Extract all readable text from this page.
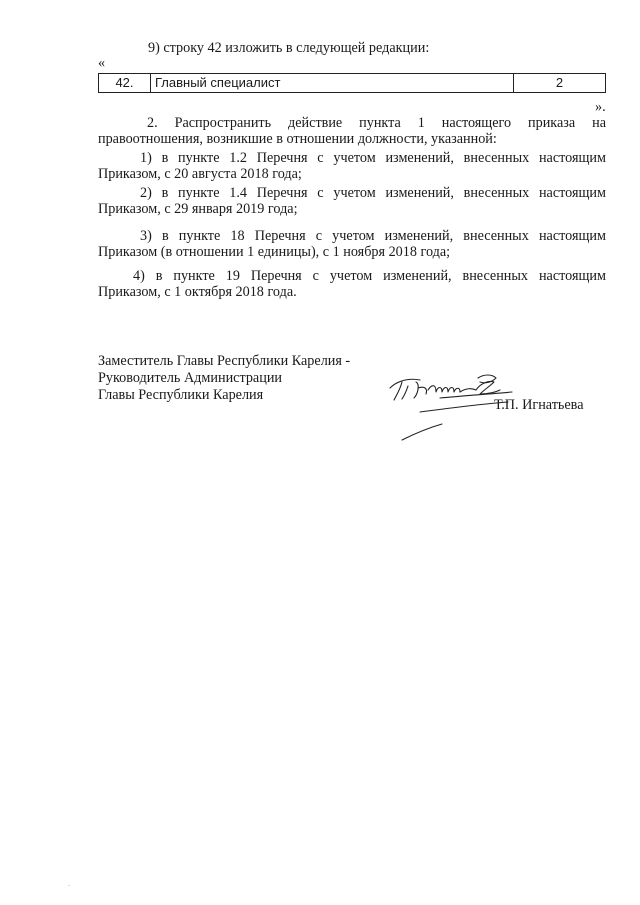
9) строку 42 изложить в следующей редакции:
«
42.	Главный специалист	2
».
2. Распространить действие пункта 1 настоящего приказа на
правоотношения, возникшие в отношении должности, указанной:
1) в пункте 1.2 Перечня с учетом изменений, внесенных настоящим
Приказом, с 20 августа 2018 года;
2) в пункте 1.4 Перечня с учетом изменений, внесенных настоящим
Приказом, с 29 января 2019 года;
3) в пункте 18 Перечня с учетом изменений, внесенных настоящим
Приказом (в отношении 1 единицы), с 1 ноября 2018 года;
4) в пункте 19 Перечня с учетом изменений, внесенных настоящим
Приказом, с 1 октября 2018 года.
Заместитель Главы Республики Карелия -
Руководитель Администрации
Главы Республики Карелия
Т.П. Игнатьева
.
